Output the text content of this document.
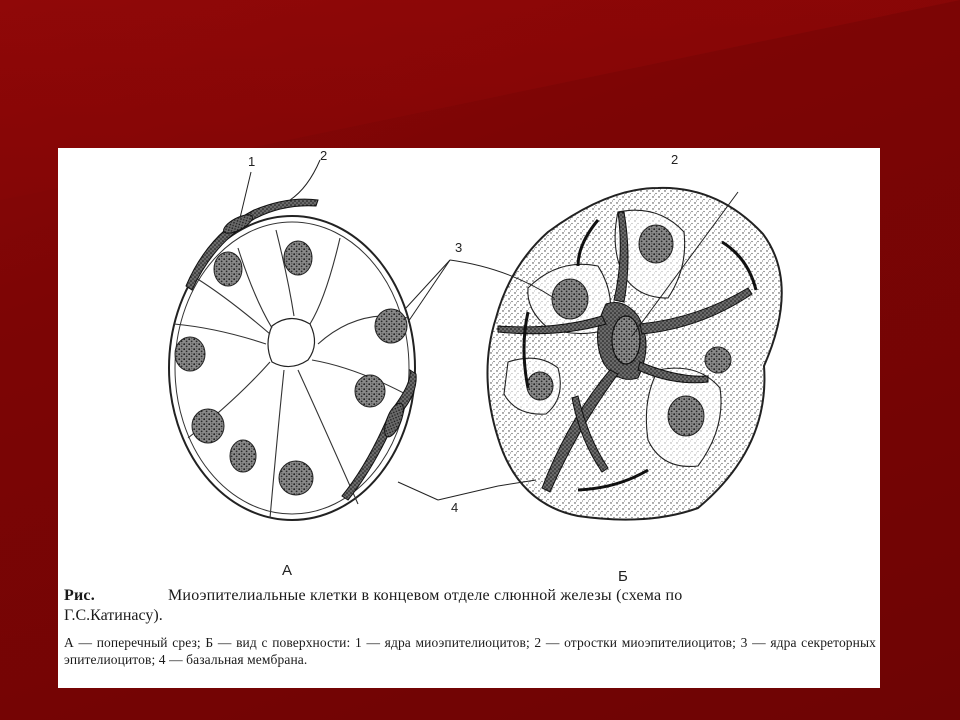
1	2
3
4
2
А	Б
Рис.	Миоэпителиальные клетки в концевом отделе слюнной железы (схема по
Г.С.Катинасу).
А — поперечный срез; Б — вид с поверхности: 1 — ядра миоэпителиоцитов; 2 — отростки миоэпителиоцитов; 3 — ядра секреторных эпителиоцитов; 4 — базальная мембрана.
